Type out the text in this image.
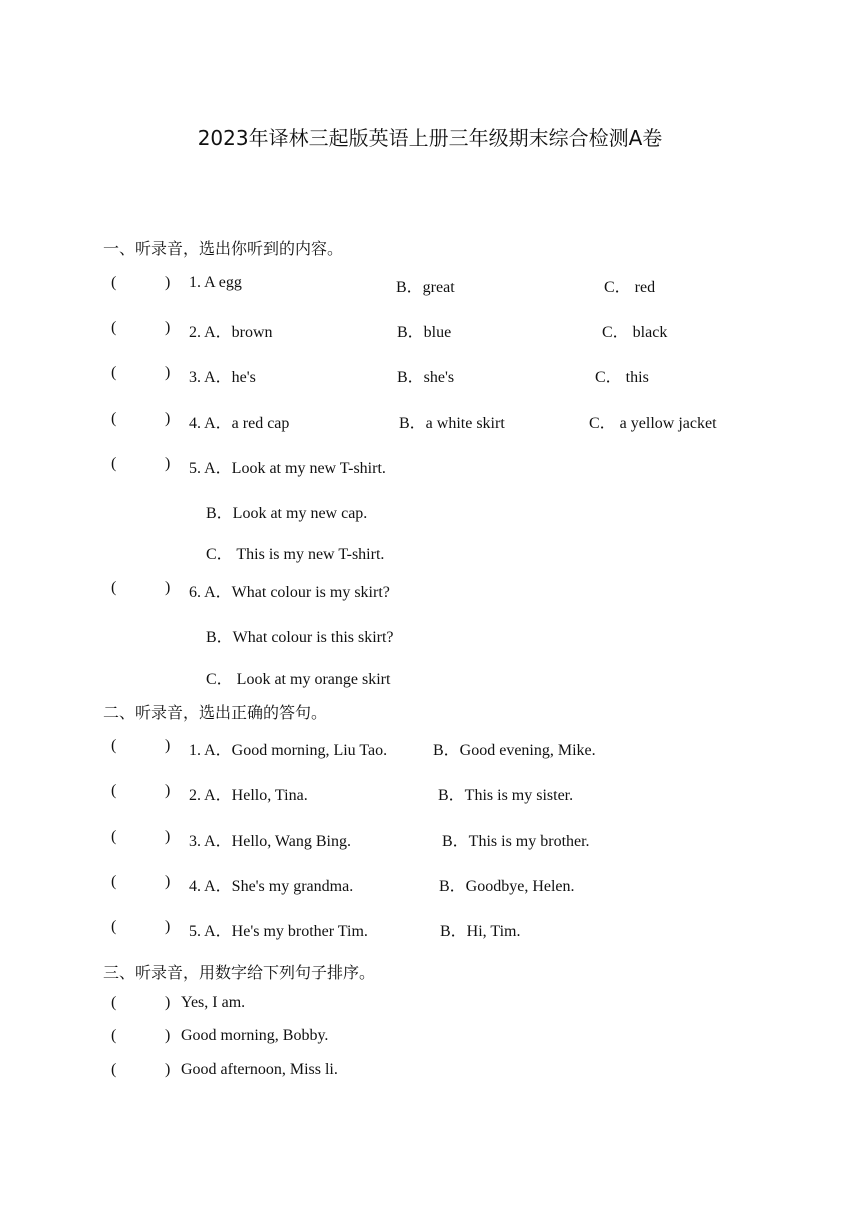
2023年译林三起版英语上册三年级期末综合检测A卷
一、听录音，选出你听到的内容。
(	) 1. A egg	B．great	C． red
(	) 2. A．brown	B．blue	C． black
(	) 3. A．he's	B．she's	C． this
(	) 4. A．a red cap	B．a white skirt	C． a yellow jacket
(	) 5. A．Look at my new T-shirt.
B．Look at my new cap.
C． This is my new T-shirt.
(	) 6. A．What colour is my skirt?
B．What colour is this skirt?
C． Look at my orange skirt
二、听录音，选出正确的答句。
(	) 1. A．Good morning, Liu Tao.	B．Good evening, Mike.
(	) 2. A．Hello, Tina.	B．This is my sister.
(	) 3. A．Hello, Wang Bing.	B．This is my brother.
(	) 4. A．She's my grandma.	B．Goodbye, Helen.
(	) 5. A．He's my brother Tim.	B．Hi, Tim.
三、听录音，用数字给下列句子排序。
(	) Yes, I am.
(	) Good morning, Bobby.
(	) Good afternoon, Miss li.
